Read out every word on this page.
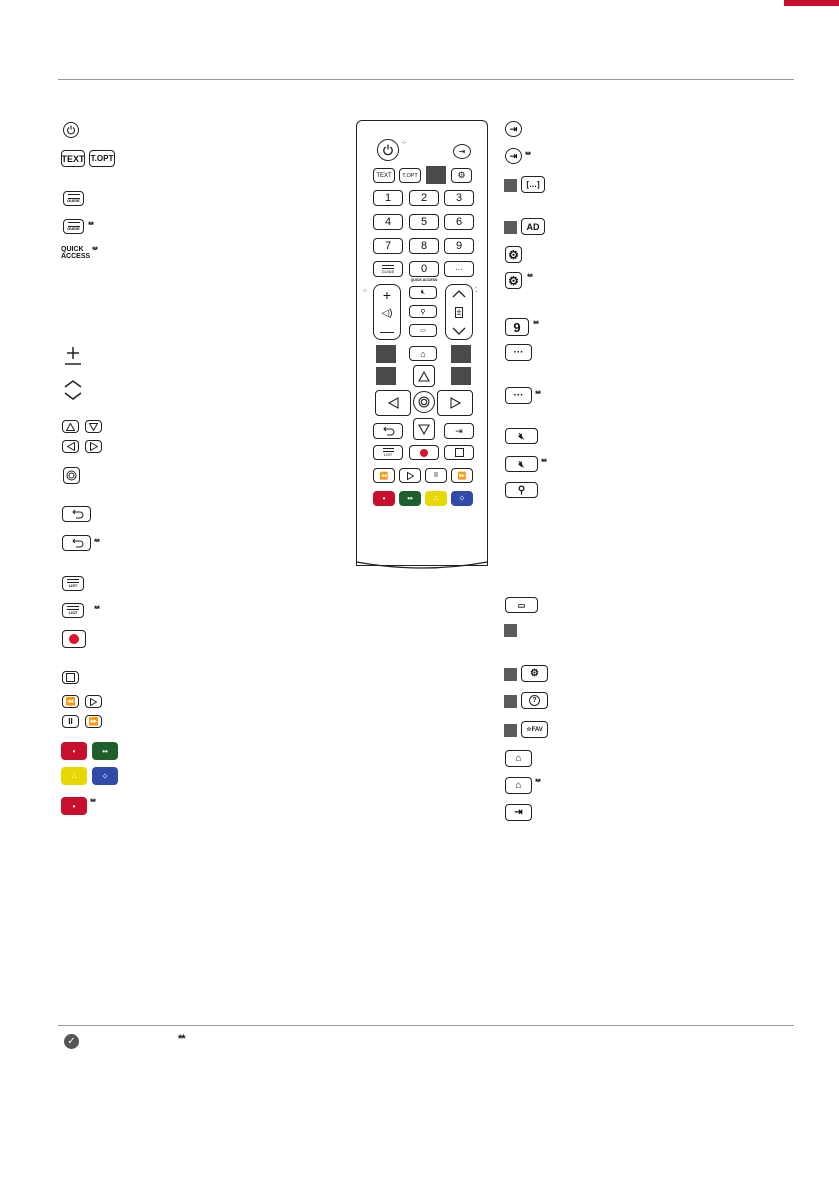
TEXT T.OPT
GUIDE
GUIDE **
QUICK
ACCESS
**
**
LIST
LIST **
⏪
II ⏩
•	••
∴	⁘
•	**
⁘
⇥
TEXT	T.OPT	⚙
1	2	3
4	5	6
7	8	9
GUIDE	0	···
QUICK ACCESS
+
◁)
—
⁘	🔇︎
⚲
▭
±
⁚
⌂
⇥
LIST
⏪	II	⏩
•	••	∴	⁘
⇥
⇥ **
[…]
AD
⚙
⚙ **
9	**
···
···	**
🔇︎
🔇︎ **
⚲
▭
⚙
?
☆ FAV
⌂
⌂ **
⇥
✓	**
